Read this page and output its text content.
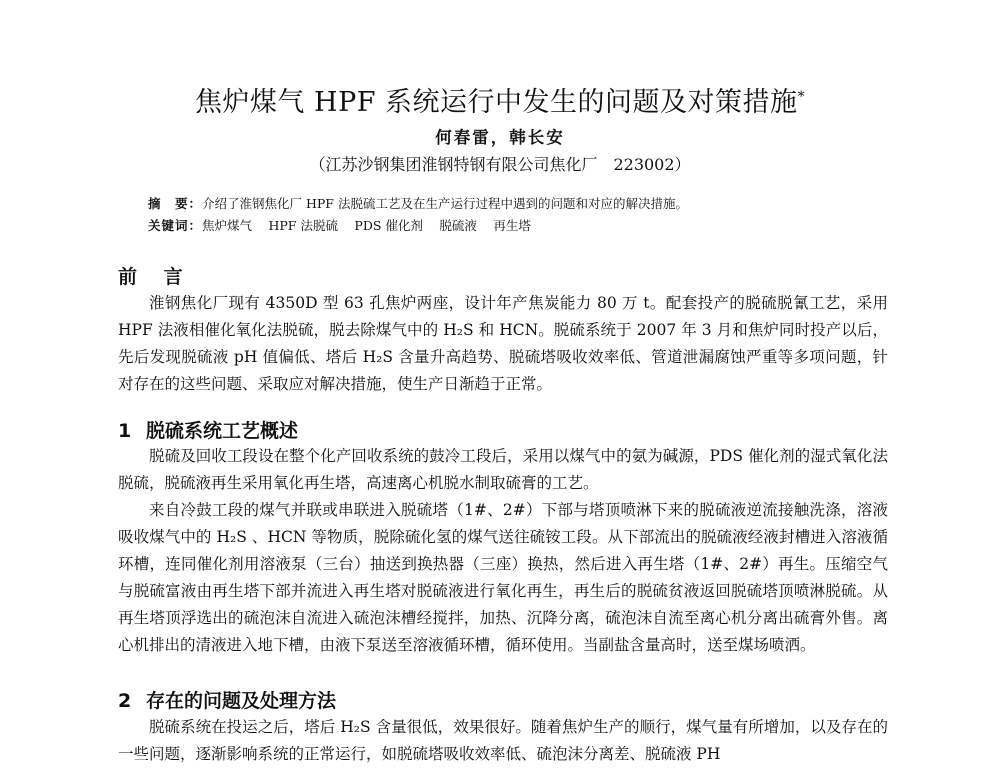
焦炉煤气 HPF 系统运行中发生的问题及对策措施*
何春雷，韩长安
（江苏沙钢集团淮钢特钢有限公司焦化厂　223002）
摘　要：介绍了淮钢焦化厂 HPF 法脱硫工艺及在生产运行过程中遇到的问题和对应的解决措施。
关键词：焦炉煤气　 HPF 法脱硫　 PDS 催化剂　 脱硫液　 再生塔
前 言

淮钢焦化厂现有 4350D 型 63 孔焦炉两座，设计年产焦炭能力 80 万 t。配套投产的脱硫脱氰工艺，采用 HPF 法液相催化氧化法脱硫，脱去除煤气中的 H₂S 和 HCN。脱硫系统于 2007 年 3 月和焦炉同时投产以后，先后发现脱硫液 pH 值偏低、塔后 H₂S 含量升高趋势、脱硫塔吸收效率低、管道泄漏腐蚀严重等多项问题，针对存在的这些问题、采取应对解决措施，使生产日渐趋于正常。

1 脱硫系统工艺概述

脱硫及回收工段设在整个化产回收系统的鼓冷工段后，采用以煤气中的氨为碱源，PDS 催化剂的湿式氧化法脱硫，脱硫液再生采用氧化再生塔，高速离心机脱水制取硫膏的工艺。

来自冷鼓工段的煤气并联或串联进入脱硫塔（1#、2#）下部与塔顶喷淋下来的脱硫液逆流接触洗涤，溶液吸收煤气中的 H₂S 、HCN 等物质，脱除硫化氢的煤气送往硫铵工段。从下部流出的脱硫液经液封槽进入溶液循环槽，连同催化剂用溶液泵（三台）抽送到换热器（三座）换热，然后进入再生塔（1#、2#）再生。压缩空气与脱硫富液由再生塔下部并流进入再生塔对脱硫液进行氧化再生，再生后的脱硫贫液返回脱硫塔顶喷淋脱硫。从再生塔顶浮选出的硫泡沫自流进入硫泡沫槽经搅拌，加热、沉降分离，硫泡沫自流至离心机分离出硫膏外售。离心机排出的清液进入地下槽，由液下泵送至溶液循环槽，循环使用。当副盐含量高时，送至煤场喷洒。

2 存在的问题及处理方法

脱硫系统在投运之后，塔后 H₂S 含量很低，效果很好。随着焦炉生产的顺行，煤气量有所增加，以及存在的一些问题，逐渐影响系统的正常运行，如脱硫塔吸收效率低、硫泡沫分离差、脱硫液 PH
